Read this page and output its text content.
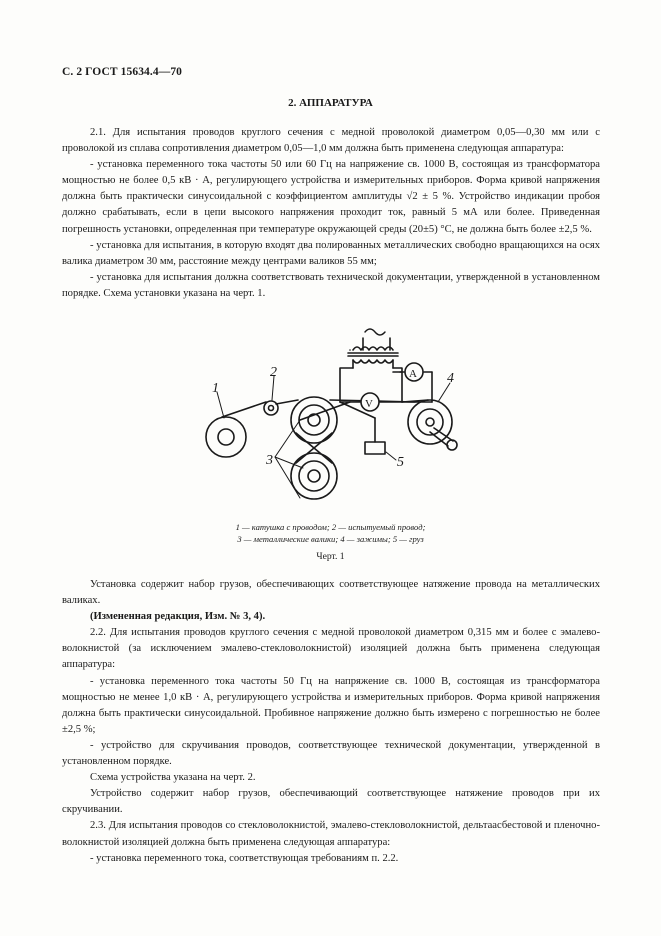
С. 2 ГОСТ 15634.4—70
2. АППАРАТУРА

2.1. Для испытания проводов круглого сечения с медной проволокой диаметром 0,05—0,30 мм или с проволокой из сплава сопротивления диаметром 0,05—1,0 мм должна быть применена следующая аппаратура:

- установка переменного тока частоты 50 или 60 Гц на напряжение св. 1000 В, состоящая из трансформатора мощностью не более 0,5 кВ · А, регулирующего устройства и измерительных приборов. Форма кривой напряжения должна быть практически синусоидальной с коэффициентом амплитуды √2 ± 5 %. Устройство индикации пробоя должно срабатывать, если в цепи высокого напряжения проходит ток, равный 5 мА или более. Приведенная погрешность установки, определенная при температуре окружающей среды (20±5) °С, не должна быть более ±2,5 %.

- установка для испытания, в которую входят два полированных металлических свободно вращающихся на осях валика диаметром 30 мм, расстояние между центрами валиков 55 мм;

- установка для испытания должна соответствовать технической документации, утвержденной в установленном порядке. Схема установки указана на черт. 1.

1
2
3
4
5
V
A
1 — катушка с проводом; 2 — испытуемый провод;
3 — металлические валики; 4 — зажимы; 5 — груз
Черт. 1

Установка содержит набор грузов, обеспечивающих соответствующее натяжение провода на металлических валиках.

(Измененная редакция, Изм. № 3, 4).

2.2. Для испытания проводов круглого сечения с медной проволокой диаметром 0,315 мм и более с эмалево-волокнистой (за исключением эмалево-стекловолокнистой) изоляцией должна быть применена следующая аппаратура:

- установка переменного тока частоты 50 Гц на напряжение св. 1000 В, состоящая из трансформатора мощностью не менее 1,0 кВ · А, регулирующего устройства и измерительных приборов. Форма кривой напряжения должна быть практически синусоидальной. Пробивное напряжение должно быть измерено с погрешностью не более ±2,5 %;

- устройство для скручивания проводов, соответствующее технической документации, утвержденной в установленном порядке.

Схема устройства указана на черт. 2.

Устройство содержит набор грузов, обеспечивающий соответствующее натяжение проводов при их скручивании.

2.3. Для испытания проводов со стекловолокнистой, эмалево-стекловолокнистой, дельтаасбестовой и пленочно-волокнистой изоляцией должна быть применена следующая аппаратура:

- установка переменного тока, соответствующая требованиям п. 2.2.
